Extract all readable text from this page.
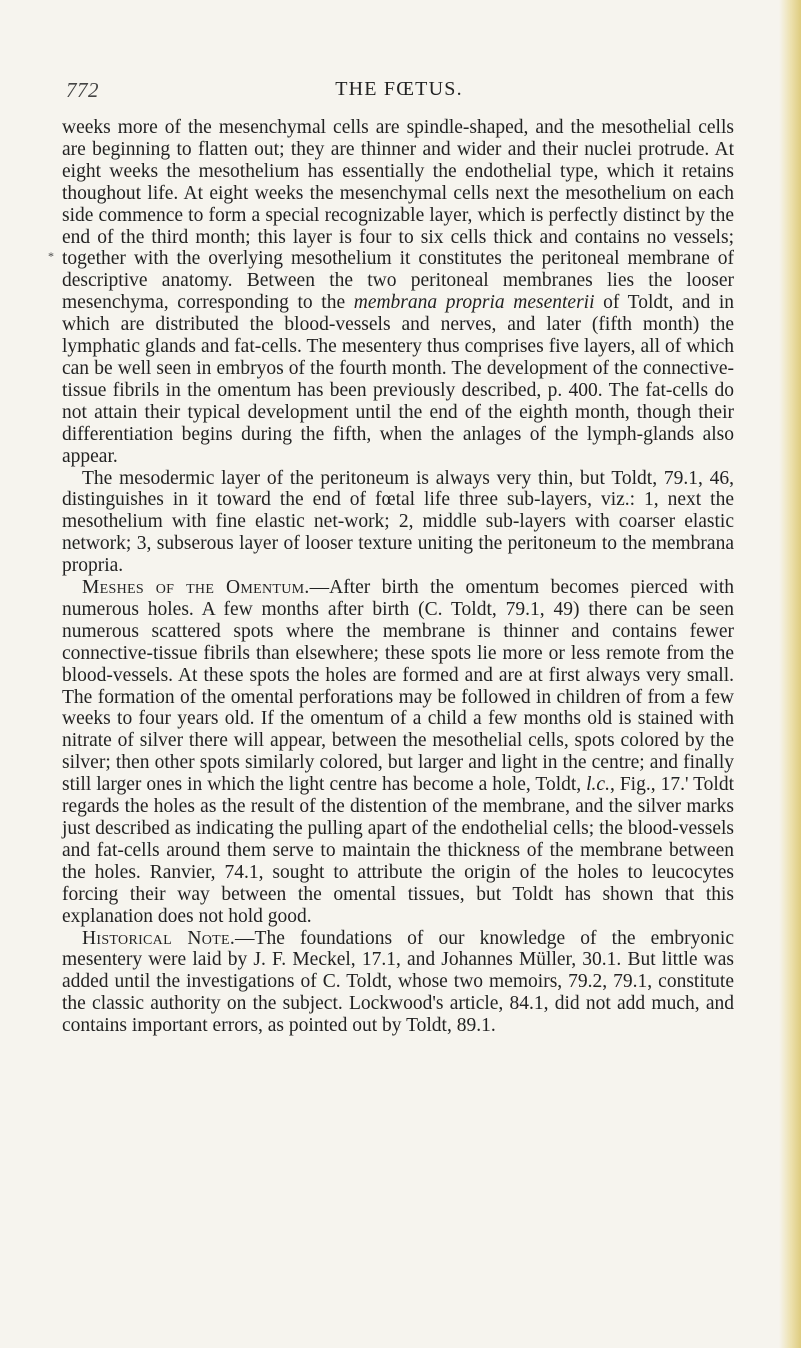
772	THE FŒTUS.
*

weeks more of the mesenchymal cells are spindle-shaped, and the mesothelial cells are beginning to flatten out; they are thinner and wider and their nuclei protrude. At eight weeks the mesothelium has essentially the endothelial type, which it retains thoughout life. At eight weeks the mesenchymal cells next the mesothelium on each side commence to form a special recognizable layer, which is perfectly distinct by the end of the third month; this layer is four to six cells thick and contains no vessels; together with the overlying mesothelium it constitutes the peritoneal membrane of descriptive anatomy. Between the two peritoneal membranes lies the looser mesenchyma, corresponding to the membrana propria mesenterii of Toldt, and in which are distributed the blood-vessels and nerves, and later (fifth month) the lymphatic glands and fat-cells. The mesentery thus comprises five layers, all of which can be well seen in embryos of the fourth month. The development of the connective-tissue fibrils in the omentum has been previously described, p. 400. The fat-cells do not attain their typical development until the end of the eighth month, though their differentiation begins during the fifth, when the anlages of the lymph-glands also appear.

The mesodermic layer of the peritoneum is always very thin, but Toldt, 79.1, 46, distinguishes in it toward the end of fœtal life three sub-layers, viz.: 1, next the mesothelium with fine elastic net-work; 2, middle sub-layers with coarser elastic network; 3, subserous layer of looser texture uniting the peritoneum to the membrana propria.

Meshes of the Omentum.—After birth the omentum becomes pierced with numerous holes. A few months after birth (C. Toldt, 79.1, 49) there can be seen numerous scattered spots where the membrane is thinner and contains fewer connective-tissue fibrils than elsewhere; these spots lie more or less remote from the blood-vessels. At these spots the holes are formed and are at first always very small. The formation of the omental perforations may be followed in children of from a few weeks to four years old. If the omentum of a child a few months old is stained with nitrate of silver there will appear, between the mesothelial cells, spots colored by the silver; then other spots similarly colored, but larger and light in the centre; and finally still larger ones in which the light centre has become a hole, Toldt, l.c., Fig., 17.' Toldt regards the holes as the result of the distention of the membrane, and the silver marks just described as indicating the pulling apart of the endothelial cells; the blood-vessels and fat-cells around them serve to maintain the thickness of the membrane between the holes. Ranvier, 74.1, sought to attribute the origin of the holes to leucocytes forcing their way between the omental tissues, but Toldt has shown that this explanation does not hold good.

Historical Note.—The foundations of our knowledge of the embryonic mesentery were laid by J. F. Meckel, 17.1, and Johannes Müller, 30.1. But little was added until the investigations of C. Toldt, whose two memoirs, 79.2, 79.1, constitute the classic authority on the subject. Lockwood's article, 84.1, did not add much, and contains important errors, as pointed out by Toldt, 89.1.
